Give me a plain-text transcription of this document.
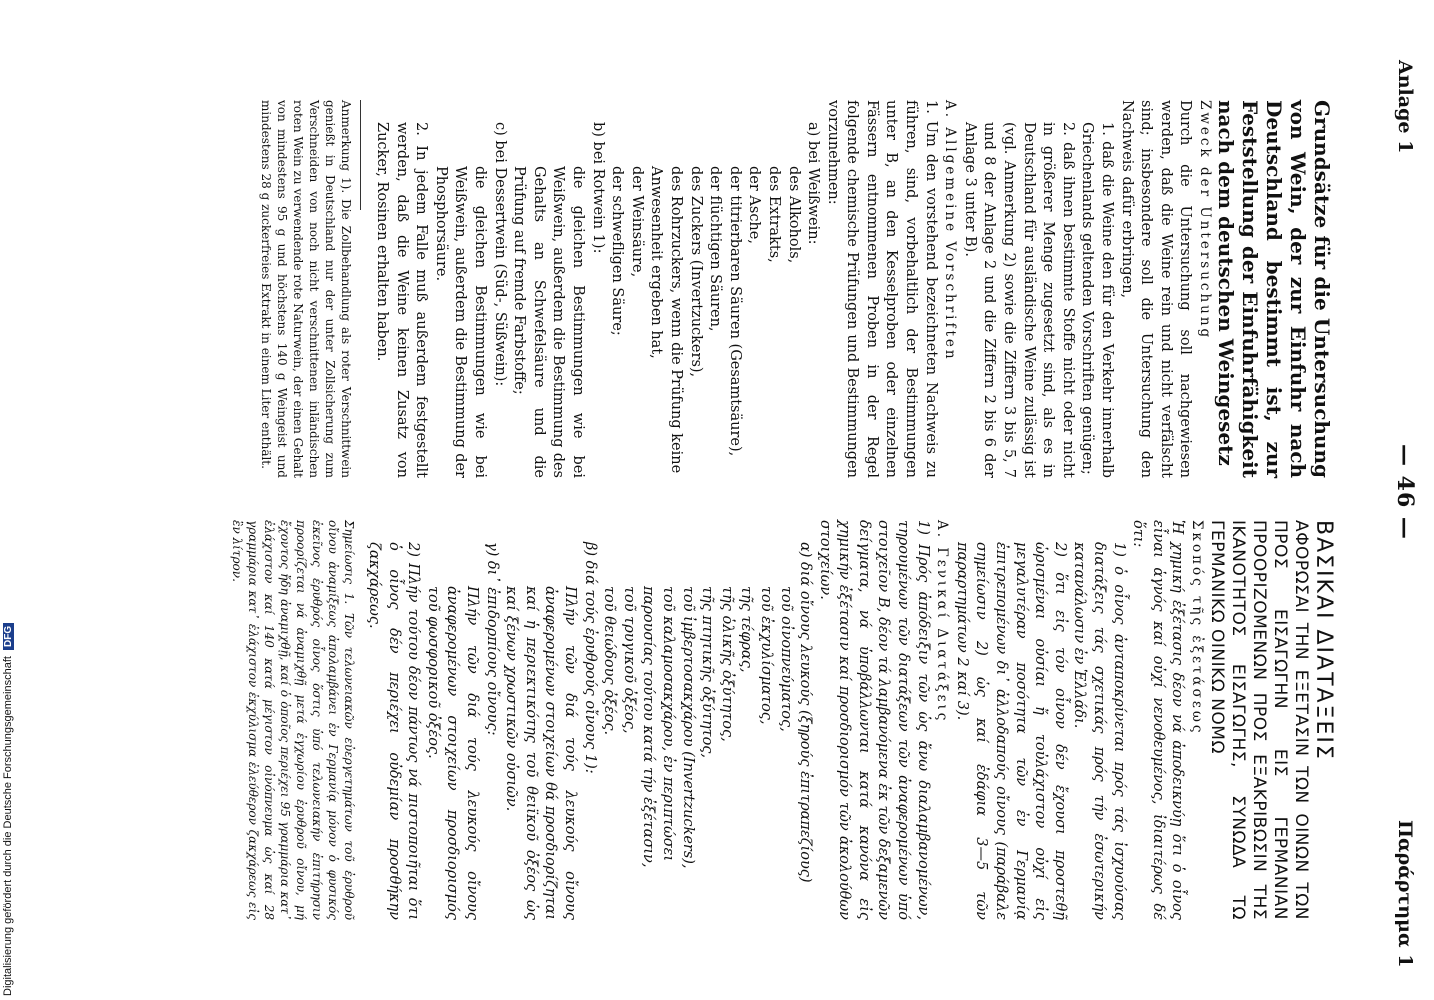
Digitalisierung gefördert durch die Deutsche Forschungsgemeinschaft DFG
Anlage 1
— 46 —
Παράρτημα 1

Grundsätze für die Untersuchung von Wein, der zur Einfuhr nach Deutschland bestimmt ist, zur Feststellung der Einfuhrfähigkeit nach dem deutschen Weingesetz

Zweck der Untersuchung

Durch die Untersuchung soll nachgewiesen werden, daß die Weine rein und nicht verfälscht sind; insbesondere soll die Untersuchung den Nachweis dafür erbringen,

1. daß die Weine den für den Verkehr innerhalb Griechenlands geltenden Vorschriften genügen;

2. daß ihnen bestimmte Stoffe nicht oder nicht in größerer Menge zugesetzt sind, als es in Deutschland für ausländische Weine zulässig ist (vgl. Anmerkung 2) sowie die Ziffern 3 bis 5, 7 und 8 der Anlage 2 und die Ziffern 2 bis 6 der Anlage 3 unter B).

A. Allgemeine Vorschriften

1. Um den vorstehend bezeichneten Nachweis zu führen, sind, vorbehaltlich der Bestimmungen unter B, an den Kesselproben oder einzelnen Fässern entnommenen Proben in der Regel folgende chemische Prüfungen und Bestimmungen vorzunehmen:

a) bei Weißwein:

des Alkohols,
des Extrakts,
der Asche,
der titrierbaren Säuren (Gesamtsäure),
der flüchtigen Säuren,
des Zuckers (Invertzuckers),
des Rohrzuckers, wenn die Prüfung keine Anwesenheit ergeben hat,
der Weinsäure,
der schwefligen Säure;

b) bei Rotwein 1):

die gleichen Bestimmungen wie bei Weißwein, außerdem die Bestimmung des Gehalts an Schwefelsäure und die Prüfung auf fremde Farbstoffe;

c) bei Dessertwein (Süd-, Süßwein):

die gleichen Bestimmungen wie bei Weißwein, außerdem die Bestimmung der Phosphorsäure.

2. In jedem Falle muß außerdem festgestellt werden, daß die Weine keinen Zusatz von Zucker, Rosinen erhalten haben.

Anmerkung 1). Die Zollbehandlung als roter Verschnittwein genießt in Deutschland nur der unter Zollsicherung zum Verschneiden von noch nicht verschnittenen inländischen roten Wein zu verwendende rote Naturwein, der einen Gehalt von mindestens 95 g und höchstens 140 g Weingeist und mindestens 28 g zuckerfreies Extrakt in einem Liter enthält.

ΒΑΣΙΚΑΙ ΔΙΑΤΑΞΕΙΣ
ΑΦΟΡΩΣΑΙ ΤΗΝ ΕΞΕΤΑΣΙΝ ΤΩΝ ΟΙΝΩΝ ΤΩΝ ΠΡΟΣ ΕΙΣΑΓΩΓΗΝ ΕΙΣ ΓΕΡΜΑΝΙΑΝ ΠΡΟΟΡΙΖΟΜΕΝΩΝ ΠΡΟΣ ΕΞΑΚΡΙΒΩΣΙΝ ΤΗΣ ΙΚΑΝΟΤΗΤΟΣ ΕΙΣΑΓΩΓΗΣ, ΣΥΝΩΔΑ ΤΩ ΓΕΡΜΑΝΙΚΩ ΟΙΝΙΚΩ ΝΟΜΩ

Σκοπός τῆς ἐξετάσεως

Ἡ χημική ἐξέτασις δέον νά ἀποδεικνύῃ ὅτι ὁ οἶνος εἶναι ἁγνός καί οὐχί νενοθευμένος, ἰδιαιτέρως δέ ὅτι:

1) ὁ οἶνος ἀνταποκρίνεται πρός τάς ἰσχυούσας διατάξεις τάς σχετικάς πρός τήν ἐσωτερικήν κατανάλωσιν ἐν Ἑλλάδι.

2) ὅτι εἰς τόν οἶνον δέν ἔχουσι προστεθῇ ὡρισμέναι οὐσίαι ἤ τοὐλάχιστον οὐχί εἰς μεγαλυτέραν ποσότητα τῶν ἐν Γερμανίᾳ ἐπιτρεπομένων δι᾽ ἀλλοδαπούς οἴνους (παράβαλε σημείωσιν 2) ὡς καί ἐδάφια 3—5 τῶν παραρτημάτων 2 καί 3).

Α. Γενικαί Διατάξεις

1) Πρός ἀπόδειξιν τῶν ὡς ἄνω διαλαμβανομένων, τηρουμένων τῶν διατάξεων τῶν ἀναφερομένων ὑπό στοιχεῖον Β, δέον τά λαμβανόμενα ἐκ τῶν δεξαμενῶν δείγματα, νά ὑποβάλλωνται κατά κανόνα εἰς χημικήν ἐξέτασιν καί προσδιορισμόν τῶν ἀκολούθων στοιχείων.

α) διά οἴνους λευκούς (ξηρούς ἐπιτραπεζίους)

τοῦ οἰνοπνεύματος,
τοῦ ἐκχυλίσματος,
τῆς τέφρας,
τῆς ὁλικῆς ὀξύτητος,
τῆς πτητικῆς ὀξύτητος,
τοῦ ἰμβερτοσακχάρου (Invertzuckers),
τοῦ καλαμοσακχάρου, ἐν περιπτώσει παρουσίας τούτου κατά τήν ἐξέτασιν,
τοῦ τρυγικοῦ ὀξέος,
τοῦ θειώδους ὀξέος.

β) διά τούς ἐρυθρούς οἴνους 1):

Πλήν τῶν διά τούς λευκούς οἴνους ἀναφερομένων στοιχείων θά προσδιορίζηται καί ἡ περιεκτικότης τοῦ θειϊκοῦ ὀξέος ὡς καί ξένων χρωστικῶν οὐσιῶν.

γ) δι᾽ ἐπιδορπίους οἴνους:

Πλήν τῶν διά τούς λευκούς οἴνους ἀναφερομένων στοιχείων προσδιορισμός τοῦ φωσφορικοῦ ὀξέος.

2) Πλήν τούτου δέον πάντως νά πιστοποιῆται ὅτι ὁ οἶνος δέν περιέχει οὐδεμίαν προσθήκην ζακχάρεως.

Σημείωσις 1. Τῶν τελωνειακῶν εὐεργετημάτων τοῦ ἐρυθροῦ οἴνου ἀναμίξεως ἀπολαμβάνει ἐν Γερμανίᾳ μόνον ὁ φυσικός ἐκεῖνος ἐρυθρός οἶνος ὅστις ὑπό τελωνειακήν ἐπιτήρησιν προορίζεται νά ἀναμιχθῇ μετά ἐγχωρίου ἐρυθροῦ οἴνου, μή ἔχοντος ἤδη ἀναμιχθῇ, καί ὁ ὁποῖος περιέχει 95 γραμμάρια κατ᾽ ἐλάχιστον καί 140 κατά μέγιστον οἰνόπνευμα ὡς καί 28 γραμμάρια κατ᾽ ἐλάχιστον ἐκχύλισμα ἐλεύθερον ζακχάρεως εἰς ἓν λίτρον.
